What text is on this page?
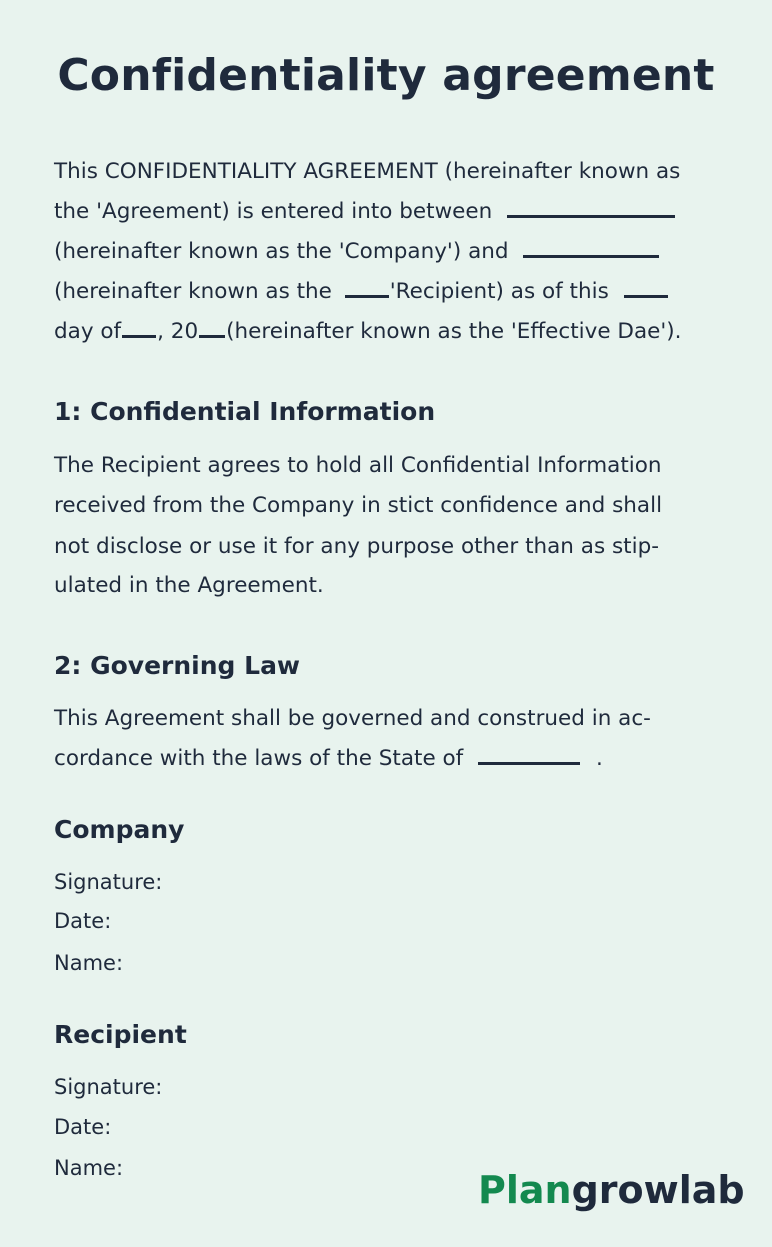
Confidentiality agreement
This CONFIDENTIALITY AGREEMENT (hereinafter known as
the 'Agreement) is entered into between
(hereinafter known as the 'Company') and
(hereinafter known as the	'Recipient) as of this
day of , 20 (hereinafter known as the 'Effective Dae').
1: Confidential Information
The Recipient agrees to hold all Confidential Information
received from the Company in stict confidence and shall
not disclose or use it for any purpose other than as stip-
ulated in the Agreement.
2: Governing Law
This Agreement shall be governed and construed in ac-
cordance with the laws of the State of	.
Company
Signature:
Date:
Name:
Recipient
Signature:
Date:
Name:	Plangrowlab
